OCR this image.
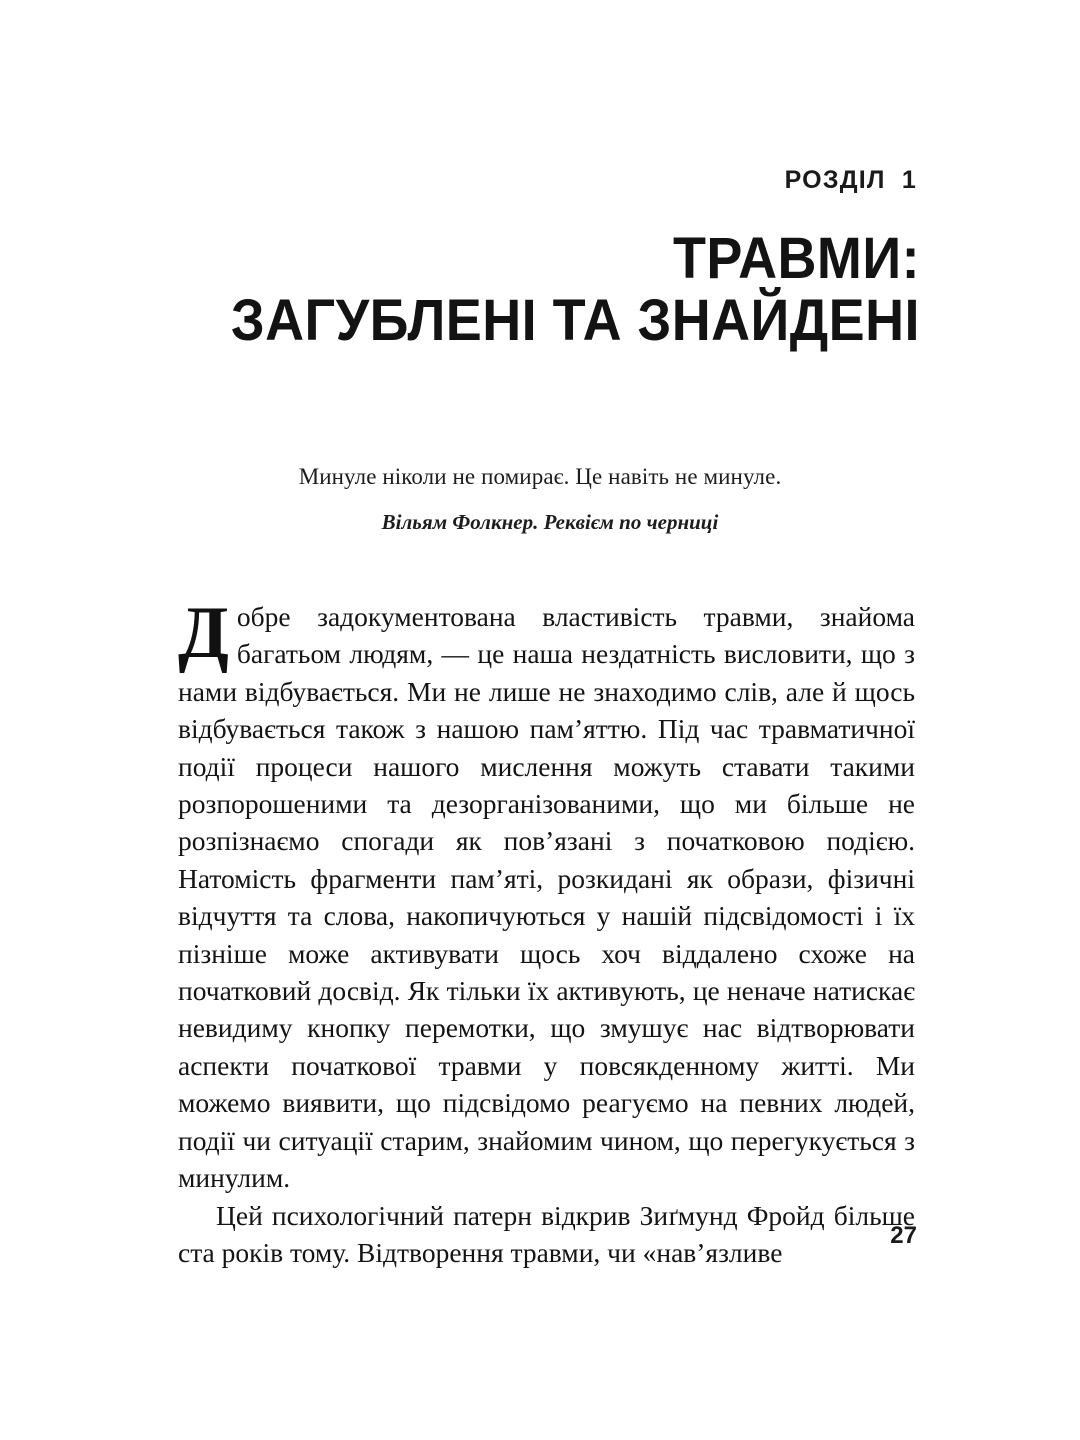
РОЗДІЛ  1
ТРАВМИ:
ЗАГУБЛЕНІ ТА ЗНАЙДЕНІ
Минуле ніколи не помирає. Це навіть не минуле.
Вільям Фолкнер. Реквієм по черниці

Добре задокументована властивість травми, знайома багатьом людям, — це наша нездатність висловити, що з нами відбувається. Ми не лише не знаходимо слів, але й щось відбувається також з нашою пам’яттю. Під час травматичної події процеси нашого мислення можуть ставати такими розпорошеними та дезорганізованими, що ми більше не розпізнаємо спогади як пов’язані з початковою подією. Натомість фрагменти пам’яті, розкидані як образи, фізичні відчуття та слова, накопичуються у нашій підсвідомості і їх пізніше може активувати щось хоч віддалено схоже на початковий досвід. Як тільки їх активують, це неначе натискає невидиму кнопку перемотки, що змушує нас відтворювати аспекти початкової травми у повсякденному житті. Ми можемо виявити, що підсвідомо реагуємо на певних людей, події чи ситуації старим, знайомим чином, що перегукується з минулим.

Цей психологічний патерн відкрив Зиґмунд Фройд більше ста років тому. Відтворення травми, чи «нав’язливе

27
